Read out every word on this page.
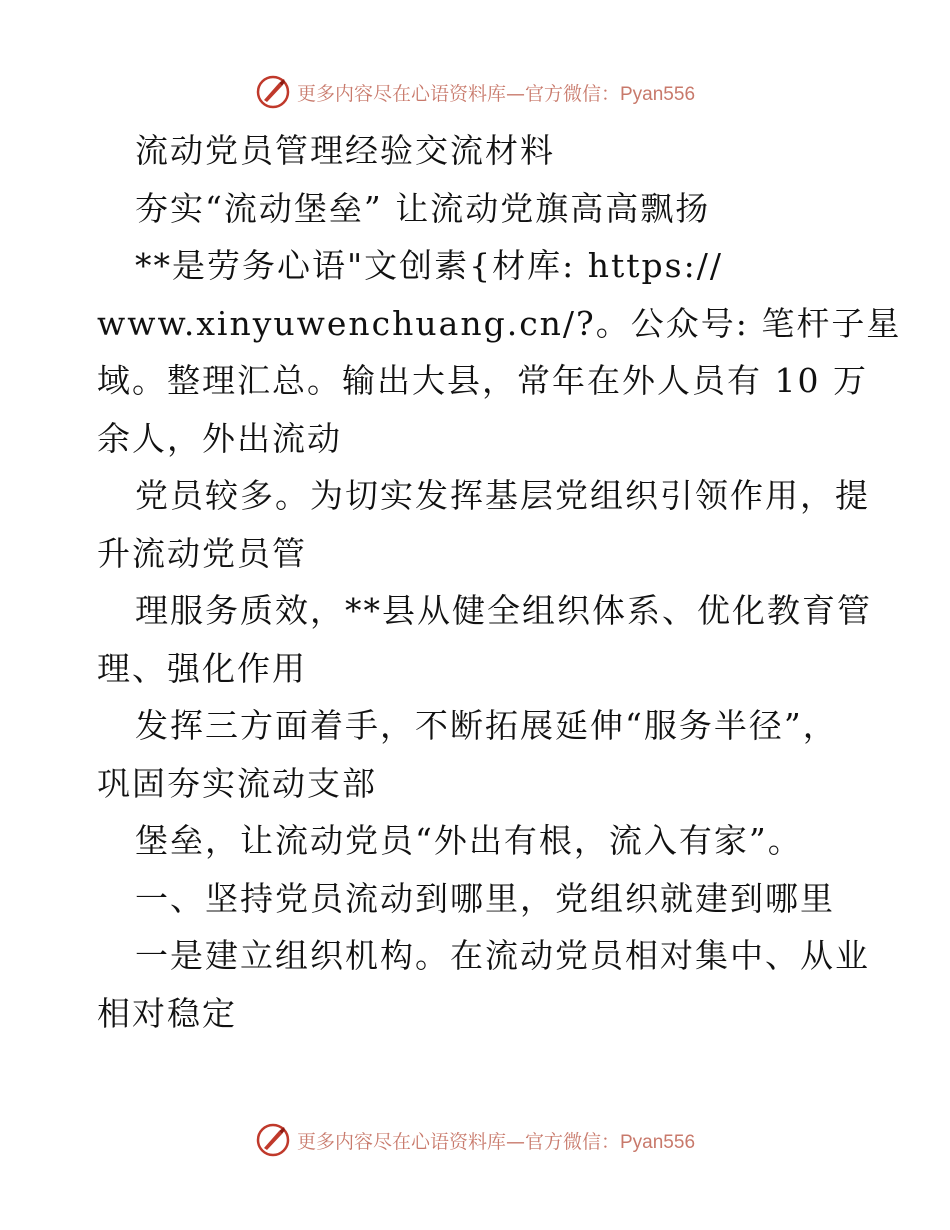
更多内容尽在心语资料库—官方微信：Pyan556
流动党员管理经验交流材料
夯实“流动堡垒” 让流动党旗高高飘扬
**是劳务心语"文创素{材库: https://
www.xinyuwenchuang.cn/?。公众号: 笔杆子星
域。整理汇总。输出大县，常年在外人员有 10 万
余人，外出流动
党员较多。为切实发挥基层党组织引领作用，提
升流动党员管
理服务质效，**县从健全组织体系、优化教育管
理、强化作用
发挥三方面着手，不断拓展延伸“服务半径”，
巩固夯实流动支部
堡垒，让流动党员“外出有根，流入有家”。
一、坚持党员流动到哪里，党组织就建到哪里
一是建立组织机构。在流动党员相对集中、从业
相对稳定
更多内容尽在心语资料库—官方微信：Pyan556
